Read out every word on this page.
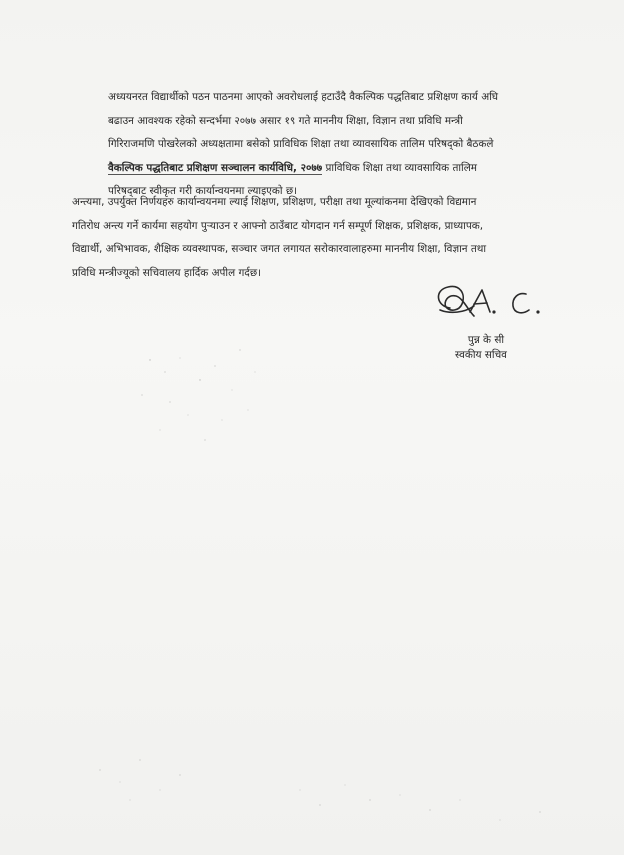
अध्ययनरत विद्यार्थीको पठन पाठनमा आएको अवरोधलाई हटाउँदै वैकल्पिक पद्धतिबाट प्रशिक्षण कार्य अघि
बढाउन आवश्यक रहेको सन्दर्भमा २०७७ असार १९ गते माननीय शिक्षा, विज्ञान तथा प्रविधि मन्त्री
गिरिराजमणि पोखरेलको अध्यक्षतामा बसेको प्राविधिक शिक्षा तथा व्यावसायिक तालिम परिषद्को बैठकले
वैकल्पिक पद्धतिबाट प्रशिक्षण सञ्चालन कार्यविधि, २०७७ प्राविधिक शिक्षा तथा व्यावसायिक तालिम
परिषद्‌बाट स्वीकृत गरी कार्यान्वयनमा ल्याइएको छ।

अन्त्यमा, उपर्युक्त निर्णयहरु कार्यान्वयनमा ल्याई शिक्षण, प्रशिक्षण, परीक्षा तथा मूल्यांकनमा देखिएको विद्यमान
गतिरोध अन्त्य गर्ने कार्यमा सहयोग पुर्‍याउन र आफ्नो ठाउँबाट योगदान गर्न सम्पूर्ण शिक्षक, प्रशिक्षक, प्राध्यापक,
विद्यार्थी, अभिभावक, शैक्षिक व्यवस्थापक, सञ्चार जगत लगायत सरोकारवालाहरुमा माननीय शिक्षा, विज्ञान तथा
प्रविधि मन्त्रीज्यूको सचिवालय हार्दिक अपील गर्दछ।

पुन्न के सी
स्वकीय सचिव
